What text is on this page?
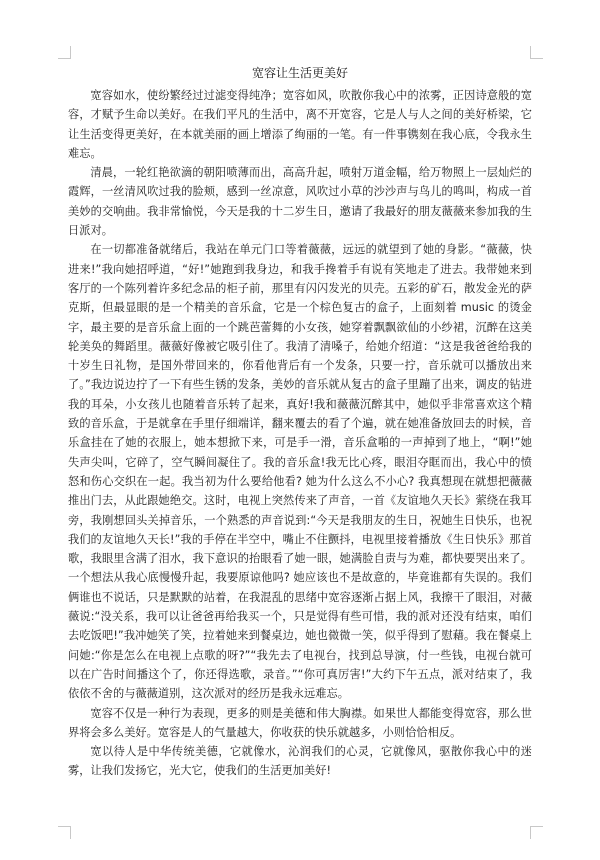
宽容让生活更美好

宽容如水，使纷繁经过过滤变得纯净；宽容如风，吹散你我心中的浓雾，正因诗意般的宽容，才赋予生命以美好。在我们平凡的生活中，离不开宽容，它是人与人之间的美好桥梁，它让生活变得更美好，在本就美丽的画上增添了绚丽的一笔。有一件事镌刻在我心底，令我永生难忘。

清晨，一轮红艳欲滴的朝阳喷薄而出，高高升起，喷射万道金幅，给万物照上一层灿烂的霞辉，一丝清风吹过我的脸颊，感到一丝凉意，风吹过小草的沙沙声与鸟儿的鸣叫，构成一首美妙的交响曲。我非常愉悦，今天是我的十二岁生日，邀请了我最好的朋友薇薇来参加我的生日派对。

在一切都准备就绪后，我站在单元门口等着薇薇，远远的就望到了她的身影。“薇薇，快进来!”我向她招呼道，“好!”她跑到我身边，和我手搀着手有说有笑地走了进去。我带她来到客厅的一个陈列着许多纪念品的柜子前，那里有闪闪发光的贝壳。五彩的矿石，散发金光的萨克斯，但最显眼的是一个精美的音乐盒，它是一个棕色复古的盒子，上面刻着 music 的烫金字，最主要的是音乐盒上面的一个跳芭蕾舞的小女孩，她穿着飘飘欲仙的小纱裙，沉醉在这美轮美奂的舞蹈里。薇薇好像被它吸引住了。我清了清嗓子，给她介绍道：“这是我爸爸给我的十岁生日礼物，是国外带回来的，你看他背后有一个发条，只要一拧，音乐就可以播放出来了。”我边说边拧了一下有些生锈的发条，美妙的音乐就从复古的盒子里蹦了出来，调皮的钻进我的耳朵，小女孩儿也随着音乐转了起来，真好!我和薇薇沉醉其中，她似乎非常喜欢这个精致的音乐盒，于是就拿在手里仔细端详，翻来覆去的看了个遍，就在她准备放回去的时候，音乐盒挂在了她的衣服上，她本想掀下来，可是手一滑，音乐盒啪的一声掉到了地上，“啊!”她失声尖叫，它碎了，空气瞬间凝住了。我的音乐盒!我无比心疼，眼泪夺眶而出，我心中的愤怒和伤心交织在一起。我当初为什么要给他看? 她为什么这么不小心? 我真想现在就想把薇薇推出门去，从此跟她绝交。这时，电视上突然传来了声音，一首《友谊地久天长》萦绕在我耳旁，我刚想回头关掉音乐，一个熟悉的声音说到:“今天是我朋友的生日，祝她生日快乐，也祝我们的友谊地久天长!”我的手停在半空中，嘴止不住颤抖，电视里接着播放《生日快乐》那首歌，我眼里含满了泪水，我下意识的抬眼看了她一眼，她满脸自责与为难，都快要哭出来了。一个想法从我心底慢慢升起，我要原谅他吗? 她应该也不是故意的，毕竟谁都有失误的。我们俩谁也不说话，只是默默的站着，在我混乱的思绪中宽容逐渐占据上风，我擦干了眼泪，对薇薇说:“没关系，我可以让爸爸再给我买一个，只是觉得有些可惜，我的派对还没有结束，咱们去吃饭吧!”我冲她笑了笑，拉着她来到餐桌边，她也微微一笑，似乎得到了慰藉。我在餐桌上问她:“你是怎么在电视上点歌的呀?”“我先去了电视台，找到总导演，付一些钱，电视台就可以在广告时间播这个了，你还得选歌，录音。”“你可真厉害!”大约下午五点，派对结束了，我依依不舍的与薇薇道别，这次派对的经历是我永远难忘。

宽容不仅是一种行为表现，更多的则是美德和伟大胸襟。如果世人都能变得宽容，那么世界将会多么美好。宽容是人的气量越大，你收获的快乐就越多，小则恰恰相反。

宽以待人是中华传统美德，它就像水，沁润我们的心灵，它就像风，驱散你我心中的迷雾，让我们发扬它，光大它，使我们的生活更加美好!
